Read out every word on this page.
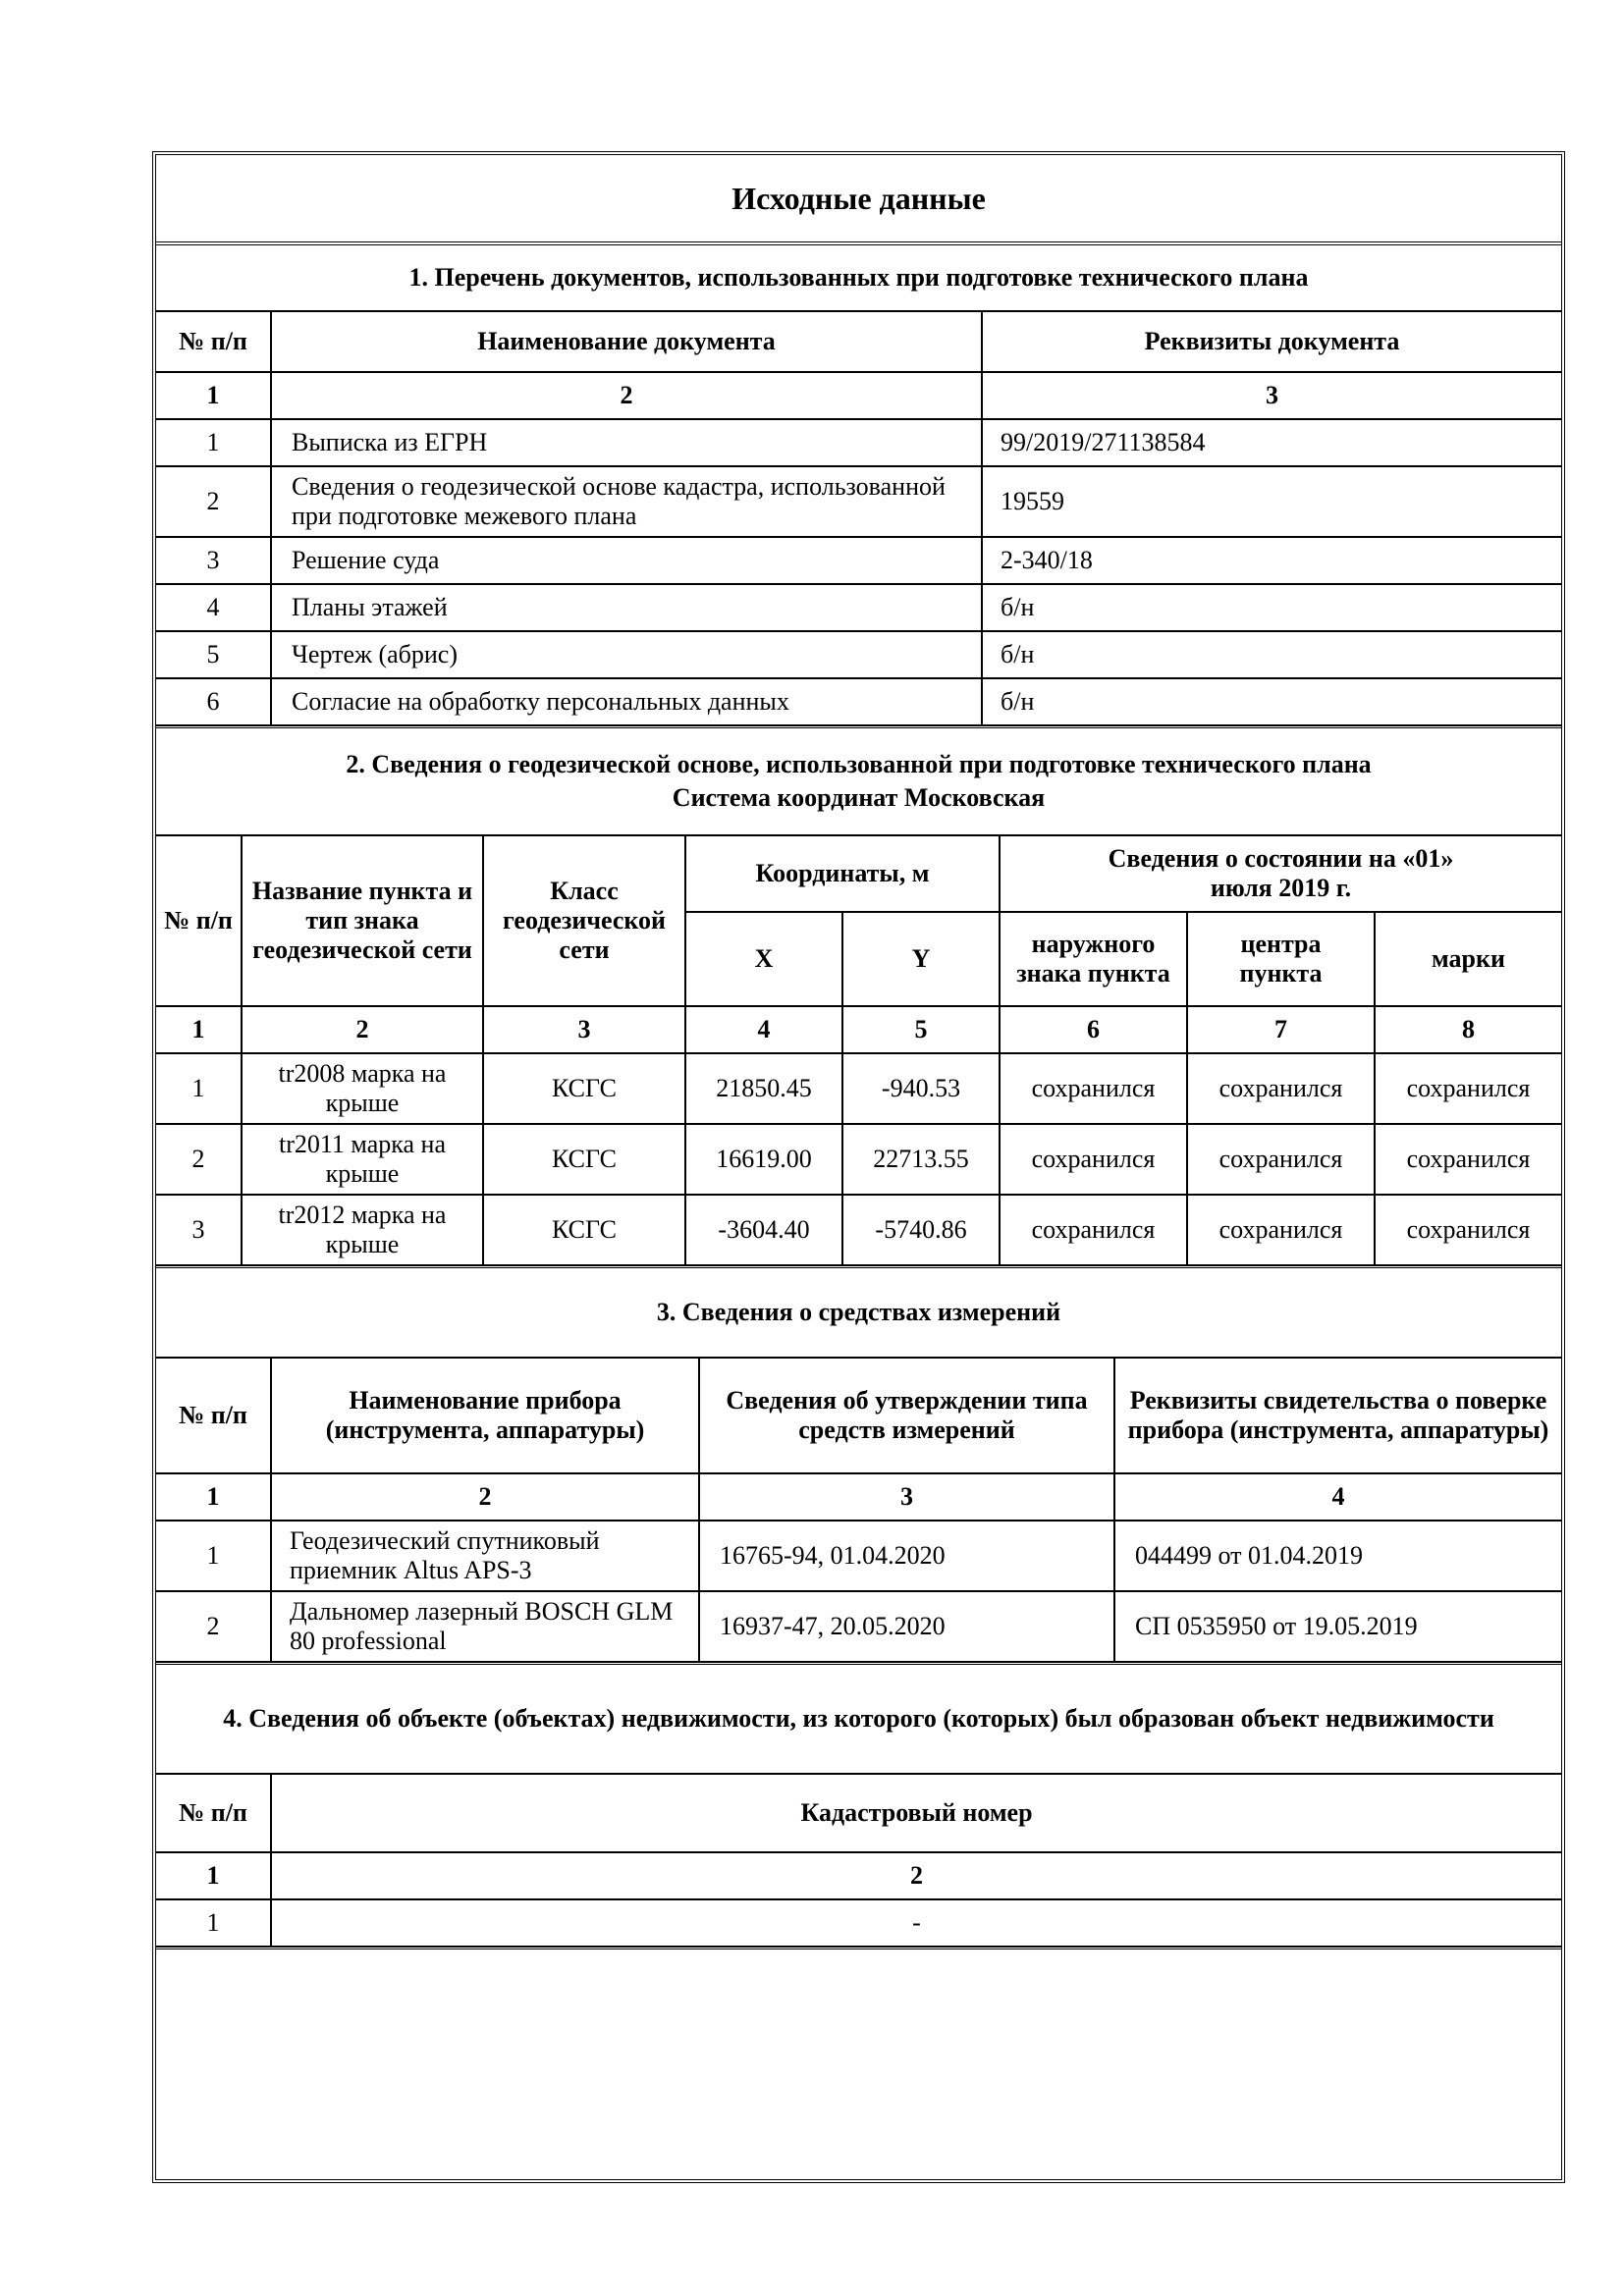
Исходные данные
1. Перечень документов, использованных при подготовке технического плана
№ п/п	Наименование документа	Реквизиты документа
1	2	3
1	Выписка из ЕГРН	99/2019/271138584
2	Сведения о геодезической основе кадастра, использованной при подготовке межевого плана	19559
3	Решение суда	2-340/18
4	Планы этажей	б/н
5	Чертеж (абрис)	б/н
6	Согласие на обработку персональных данных	б/н
2. Сведения о геодезической основе, использованной при подготовке технического плана
Система координат Московская
№ п/п	Название пункта и тип знака геодезической сети	Класс геодезической сети	Координаты, м		Сведения о состоянии на «01» июля 2019 г.		
			X	Y	наружного знака пункта	центра пункта	марки
1	2	3	4	5	6	7	8
1	tr2008 марка на крыше	КСГС	21850.45	-940.53	сохранился	сохранился	сохранился
2	tr2011 марка на крыше	КСГС	16619.00	22713.55	сохранился	сохранился	сохранился
3	tr2012 марка на крыше	КСГС	-3604.40	-5740.86	сохранился	сохранился	сохранился
3. Сведения о средствах измерений
№ п/п	Наименование прибора (инструмента, аппаратуры)	Сведения об утверждении типа средств измерений	Реквизиты свидетельства о поверке прибора (инструмента, аппаратуры)
1	2	3	4
1	Геодезический спутниковый приемник Altus APS-3	16765-94, 01.04.2020	044499 от 01.04.2019
2	Дальномер лазерный BOSCH GLM 80 professional	16937-47, 20.05.2020	СП 0535950 от 19.05.2019
4. Сведения об объекте (объектах) недвижимости, из которого (которых) был образован объект недвижимости
№ п/п	Кадастровый номер
1	2
1	-
